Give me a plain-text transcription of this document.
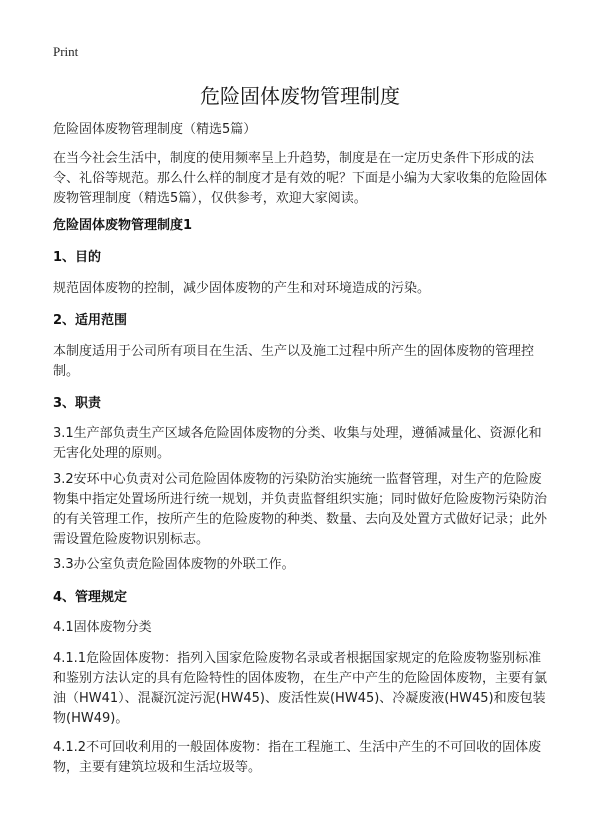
Print
危险固体废物管理制度

危险固体废物管理制度（精选5篇）

在当今社会生活中，制度的使用频率呈上升趋势，制度是在一定历史条件下形成的法令、礼俗等规范。那么什么样的制度才是有效的呢？下面是小编为大家收集的危险固体废物管理制度（精选5篇），仅供参考，欢迎大家阅读。

危险固体废物管理制度1

1、目的

规范固体废物的控制，减少固体废物的产生和对环境造成的污染。

2、适用范围

本制度适用于公司所有项目在生活、生产以及施工过程中所产生的固体废物的管理控制。

3、职责

3.1生产部负责生产区域各危险固体废物的分类、收集与处理，遵循减量化、资源化和无害化处理的原则。

3.2安环中心负责对公司危险固体废物的污染防治实施统一监督管理，对生产的危险废物集中指定处置场所进行统一规划，并负责监督组织实施；同时做好危险废物污染防治的有关管理工作，按所产生的危险废物的种类、数量、去向及处置方式做好记录；此外需设置危险废物识别标志。

3.3办公室负责危险固体废物的外联工作。

4、管理规定

4.1固体废物分类

4.1.1危险固体废物：指列入国家危险废物名录或者根据国家规定的危险废物鉴别标准和鉴别方法认定的具有危险特性的固体废物，在生产中产生的危险固体废物，主要有氯油（HW41）、混凝沉淀污泥(HW45)、废活性炭(HW45)、冷凝废液(HW45)和废包装物(HW49)。

4.1.2不可回收利用的一般固体废物：指在工程施工、生活中产生的不可回收的固体废物，主要有建筑垃圾和生活垃圾等。
